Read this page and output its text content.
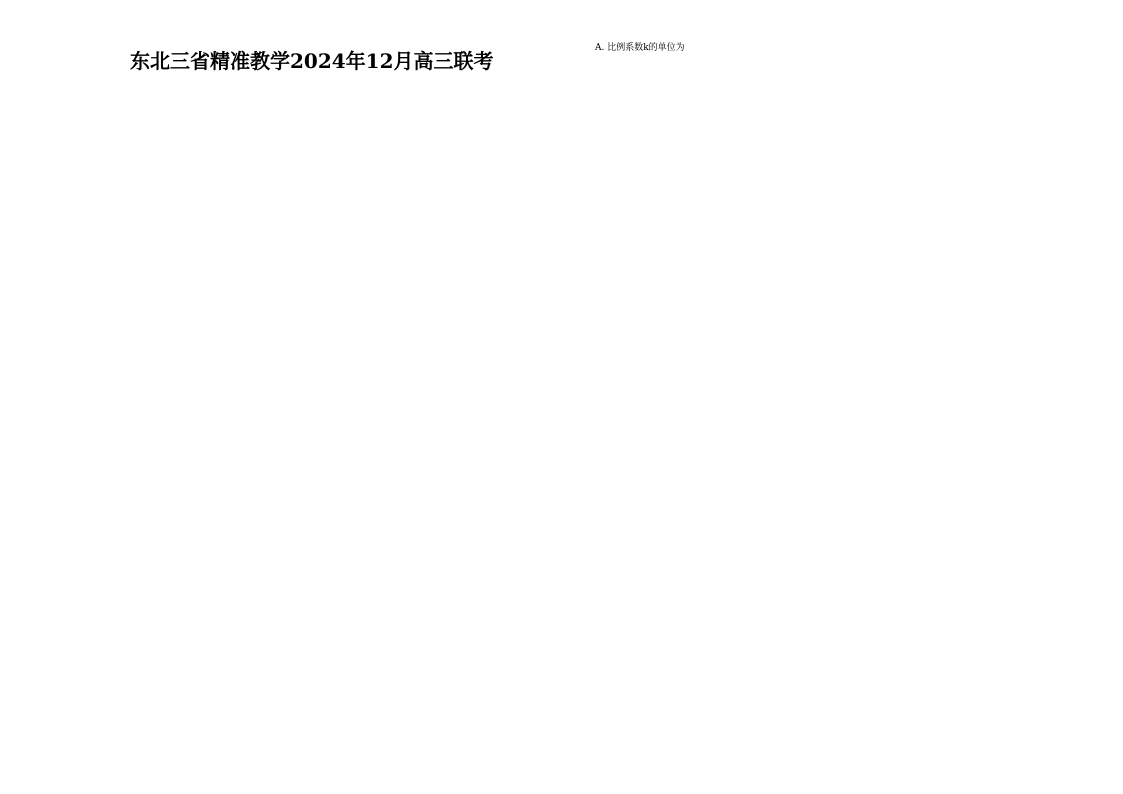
东北三省精准教学2024年12月高三联考
A. 比例系数k的单位为
